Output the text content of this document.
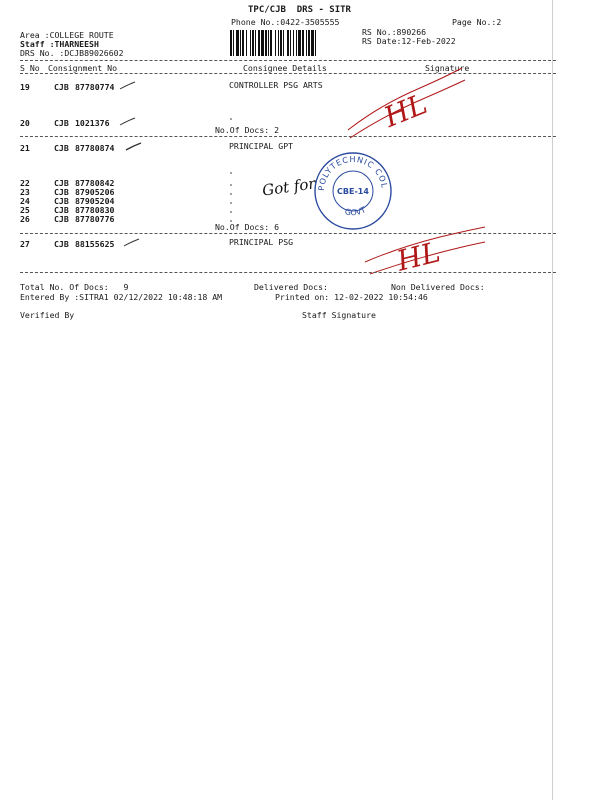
TPC/CJB  DRS - SITR
Phone No.:0422-3505555	Page No.:2
RS No.:890266
RS Date:12-Feb-2022
Area :COLLEGE ROUTE
Staff :THARNEESH
DRS No. :DCJB89026602
S No Consignment No	Consignee Details	Signature
19	CJB 87780774	CONTROLLER PSG ARTS
20	CJB 1021376
No.Of Docs: 2
21	CJB 87780874	PRINCIPAL GPT
22	CJB 87780842
23	CJB 87905206
24	CJB 87905204
25	CJB 87780830
26	CJB 87780776
No.Of Docs: 6
27	CJB 88155625	PRINCIPAL PSG
HL
HL
Got for POLYTECHNIC COL
GOVT
CBE-14
Total No. Of Docs:   9	Delivered Docs:	Non Delivered Docs:
Entered By :SITRA1 02/12/2022 10:48:18 AM	Printed on: 12-02-2022 10:54:46
Verified By	Staff Signature
